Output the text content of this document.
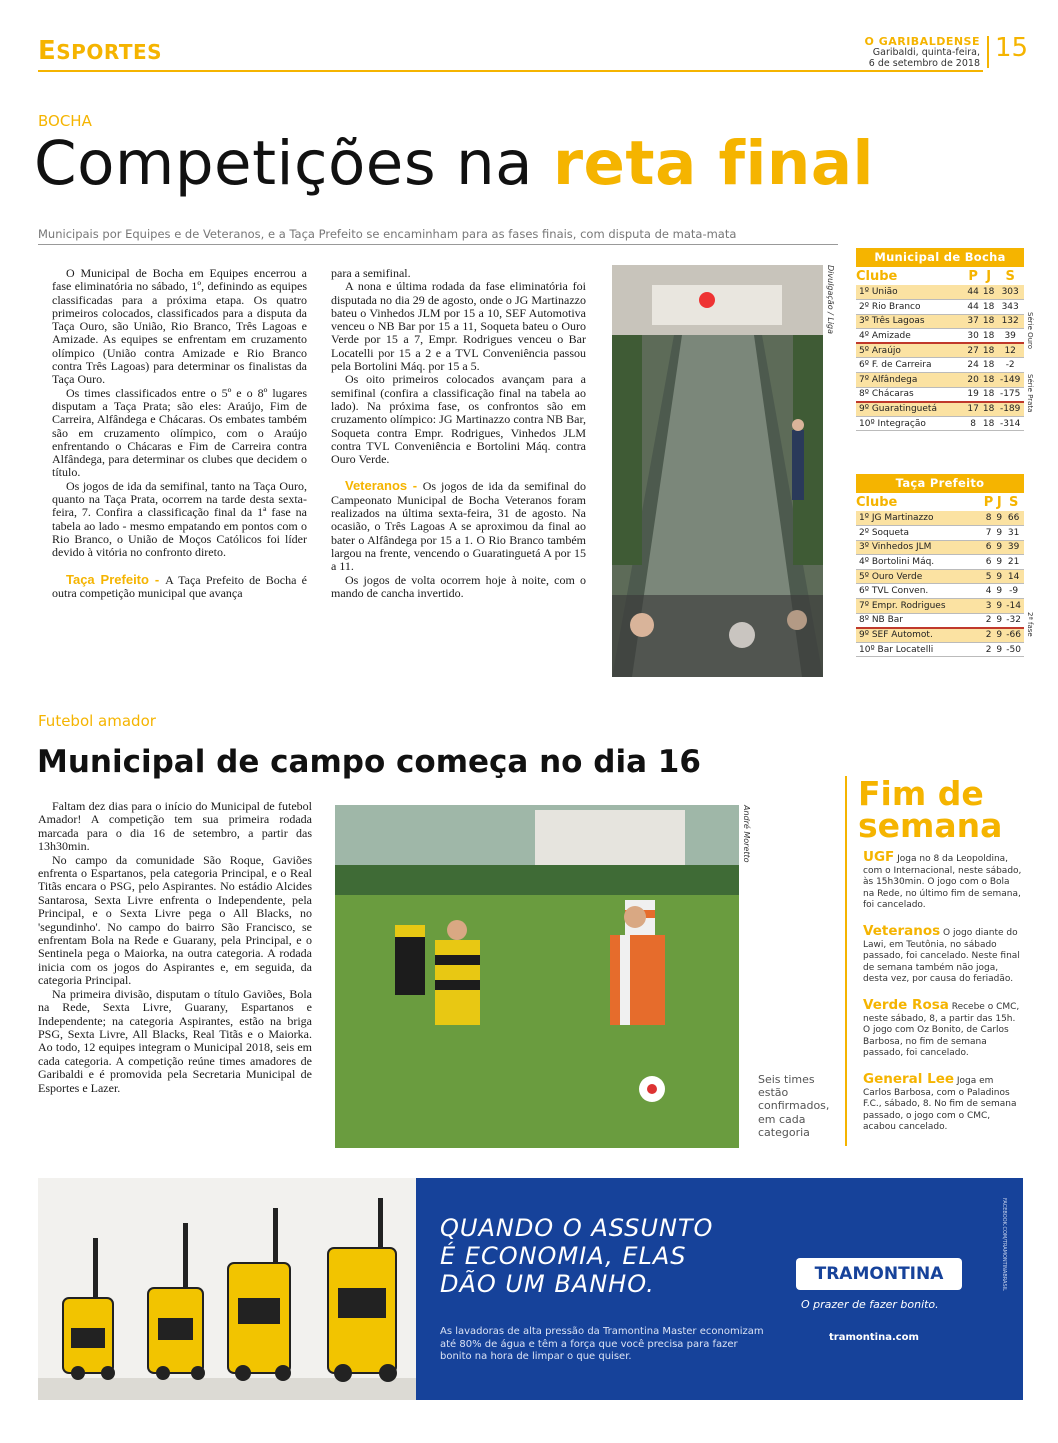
ESPORTES	O GARIBALDENSE
Garibaldi, quinta-feira,
6 de setembro de 2018
15
BOCHA
Competições na reta final
Municipais por Equipes e de Veteranos, e a Taça Prefeito se encaminham para as fases finais, com disputa de mata-mata

O Municipal de Bocha em Equipes encerrou a fase eliminatória no sábado, 1º, definindo as equipes classificadas para a próxima etapa. Os quatro primeiros colocados, classificados para a disputa da Taça Ouro, são União, Rio Branco, Três Lagoas e Amizade. As equipes se enfrentam em cruzamento olímpico (União contra Amizade e Rio Branco contra Três Lagoas) para determinar os finalistas da Taça Ouro.

Os times classificados entre o 5º e o 8º lugares disputam a Taça Prata; são eles: Araújo, Fim de Carreira, Alfândega e Chácaras. Os embates também são em cruzamento olímpico, com o Araújo enfrentando o Chácaras e Fim de Carreira contra Alfândega, para determinar os clubes que decidem o título.

Os jogos de ida da semifinal, tanto na Taça Ouro, quanto na Taça Prata, ocorrem na tarde desta sexta-feira, 7. Confira a classificação final da 1ª fase na tabela ao lado - mesmo empatando em pontos com o Rio Branco, o União de Moços Católicos foi líder devido à vitória no confronto direto.

Taça Prefeito - A Taça Prefeito de Bocha é outra competição municipal que avança

para a semifinal.

A nona e última rodada da fase eliminatória foi disputada no dia 29 de agosto, onde o JG Martinazzo bateu o Vinhedos JLM por 15 a 10, SEF Automotiva venceu o NB Bar por 15 a 11, Soqueta bateu o Ouro Verde por 15 a 7, Empr. Rodrigues venceu o Bar Locatelli por 15 a 2 e a TVL Conveniência passou pela Bortolini Máq. por 15 a 5.

Os oito primeiros colocados avançam para a semifinal (confira a classificação final na tabela ao lado). Na próxima fase, os confrontos são em cruzamento olímpico: JG Martinazzo contra NB Bar, Soqueta contra Empr. Rodrigues, Vinhedos JLM contra TVL Conveniência e Bortolini Máq. contra Ouro Verde.

Veteranos - Os jogos de ida da semifinal do Campeonato Municipal de Bocha Veteranos foram realizados na última sexta-feira, 31 de agosto. Na ocasião, o Três Lagoas A se aproximou da final ao bater o Alfândega por 15 a 1. O Rio Branco também largou na frente, vencendo o Guaratinguetá A por 15 a 11.

Os jogos de volta ocorrem hoje à noite, com o mando de cancha invertido.

Divulgação / Liga
Municipal de Bocha
Clube	P	J	S
1º União	44	18	303
2º Rio Branco	44	18	343
3º Três Lagoas	37	18	132
4º Amizade	30	18	39
5º Araújo	27	18	12
6º F. de Carreira	24	18	-2
7º Alfândega	20	18	-149
8º Chácaras	19	18	-175
9º Guaratinguetá	17	18	-189
10º Integração	8	18	-314
Série Ouro
Série Prata
Taça Prefeito
Clube	P	J	S
1º JG Martinazzo	8	9	66
2º Soqueta	7	9	31
3º Vinhedos JLM	6	9	39
4º Bortolini Máq.	6	9	21
5º Ouro Verde	5	9	14
6º TVL Conven.	4	9	-9
7º Empr. Rodrigues	3	9	-14
8º NB Bar	2	9	-32
9º SEF Automot.	2	9	-66
10º Bar Locatelli	2	9	-50
2ª fase
Futebol amador
Municipal de campo começa no dia 16

Faltam dez dias para o início do Municipal de futebol Amador! A competição tem sua primeira rodada marcada para o dia 16 de setembro, a partir das 13h30min.

No campo da comunidade São Roque, Gaviões enfrenta o Espartanos, pela categoria Principal, e o Real Titãs encara o PSG, pelo Aspirantes. No estádio Alcides Santarosa, Sexta Livre enfrenta o Independente, pela Principal, e o Sexta Livre pega o All Blacks, no 'segundinho'. No campo do bairro São Francisco, se enfrentam Bola na Rede e Guarany, pela Principal, e o Sentinela pega o Maiorka, na outra categoria. A rodada inicia com os jogos do Aspirantes e, em seguida, da categoria Principal.

Na primeira divisão, disputam o título Gaviões, Bola na Rede, Sexta Livre, Guarany, Espartanos e Independente; na categoria Aspirantes, estão na briga PSG, Sexta Livre, All Blacks, Real Titãs e o Maiorka. Ao todo, 12 equipes integram o Municipal 2018, seis em cada categoria. A competição reúne times amadores de Garibaldi e é promovida pela Secretaria Municipal de Esportes e Lazer.

André Moretto
Seis times estão confirmados, em cada categoria
Fim de
semana
UGF Joga no 8 da Leopoldina, com o Internacional, neste sábado, às 15h30min. O jogo com o Bola na Rede, no último fim de semana, foi cancelado.
Veteranos O jogo diante do Lawi, em Teutônia, no sábado passado, foi cancelado. Neste final de semana também não joga, desta vez, por causa do feriadão.
Verde Rosa Recebe o CMC, neste sábado, 8, a partir das 15h. O jogo com Oz Bonito, de Carlos Barbosa, no fim de semana passado, foi cancelado.
General Lee Joga em Carlos Barbosa, com o Paladinos F.C., sábado, 8. No fim de semana passado, o jogo com o CMC, acabou cancelado.
QUANDO O ASSUNTO
É ECONOMIA, ELAS
DÃO UM BANHO.
As lavadoras de alta pressão da Tramontina Master economizam até 80% de água e têm a força que você precisa para fazer bonito na hora de limpar o que quiser.
TRAMONTINA
O prazer de fazer bonito.
tramontina.com
FACEBOOK.COM/TRAMONTINABRASIL
